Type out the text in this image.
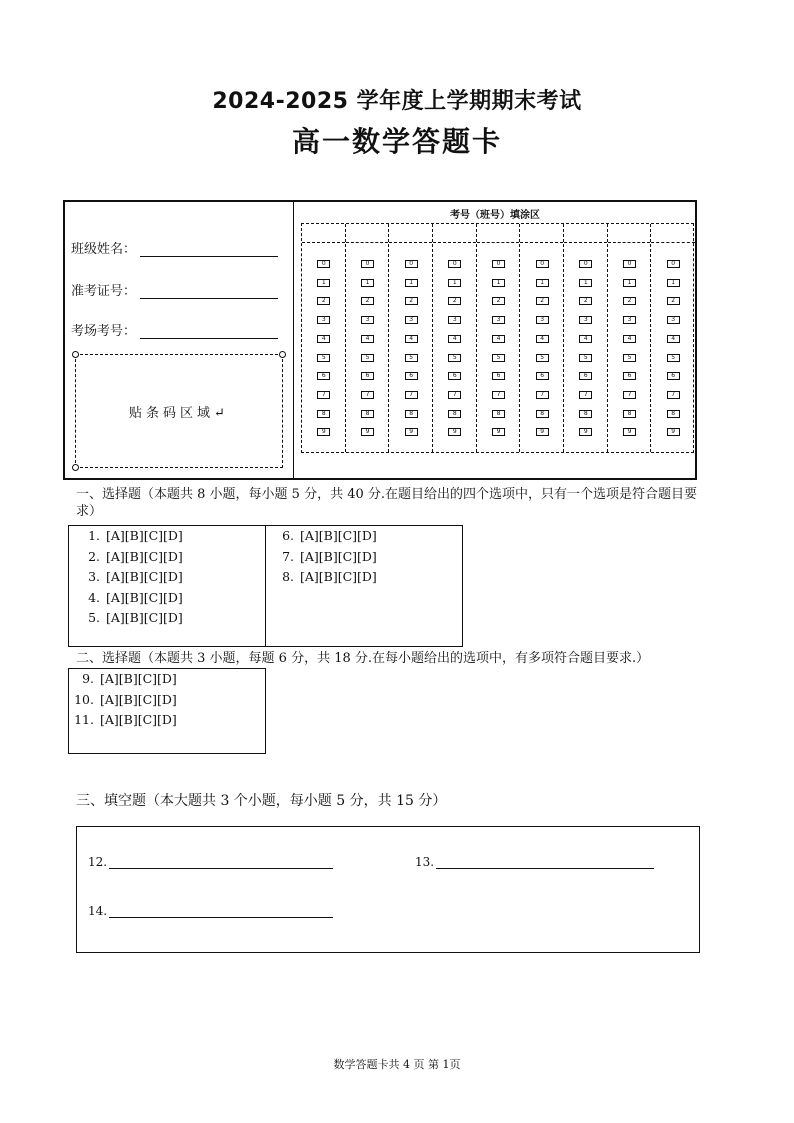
2024-2025 学年度上学期期末考试
高一数学答题卡
班级姓名：
准考证号：
考场考号：
贴条码区域↵
考号（班号）填涂区
0
1
2
3
4
5
6
7
8
9
0
1
2
3
4
5
6
7
8
9
0
1
2
3
4
5
6
7
8
9
0
1
2
3
4
5
6
7
8
9
0
1
2
3
4
5
6
7
8
9
0
1
2
3
4
5
6
7
8
9
0
1
2
3
4
5
6
7
8
9
0
1
2
3
4
5
6
7
8
9
0
1
2
3
4
5
6
7
8
9
一、选择题（本题共 8 小题，每小题 5 分，共 40 分.在题目给出的四个选项中，只有一个选项是符合题目要求）
1. [A][B][C][D]
2. [A][B][C][D]
3. [A][B][C][D]
4. [A][B][C][D]
5. [A][B][C][D]
6. [A][B][C][D]
7. [A][B][C][D]
8. [A][B][C][D]
二、选择题（本题共 3 小题，每题 6 分，共 18 分.在每小题给出的选项中，有多项符合题目要求.）
9. [A][B][C][D]
10. [A][B][C][D]
11. [A][B][C][D]
三、填空题（本大题共 3 个小题，每小题 5 分，共 15 分）
12.	13.
14.
数学答题卡共 4 页 第 1页
